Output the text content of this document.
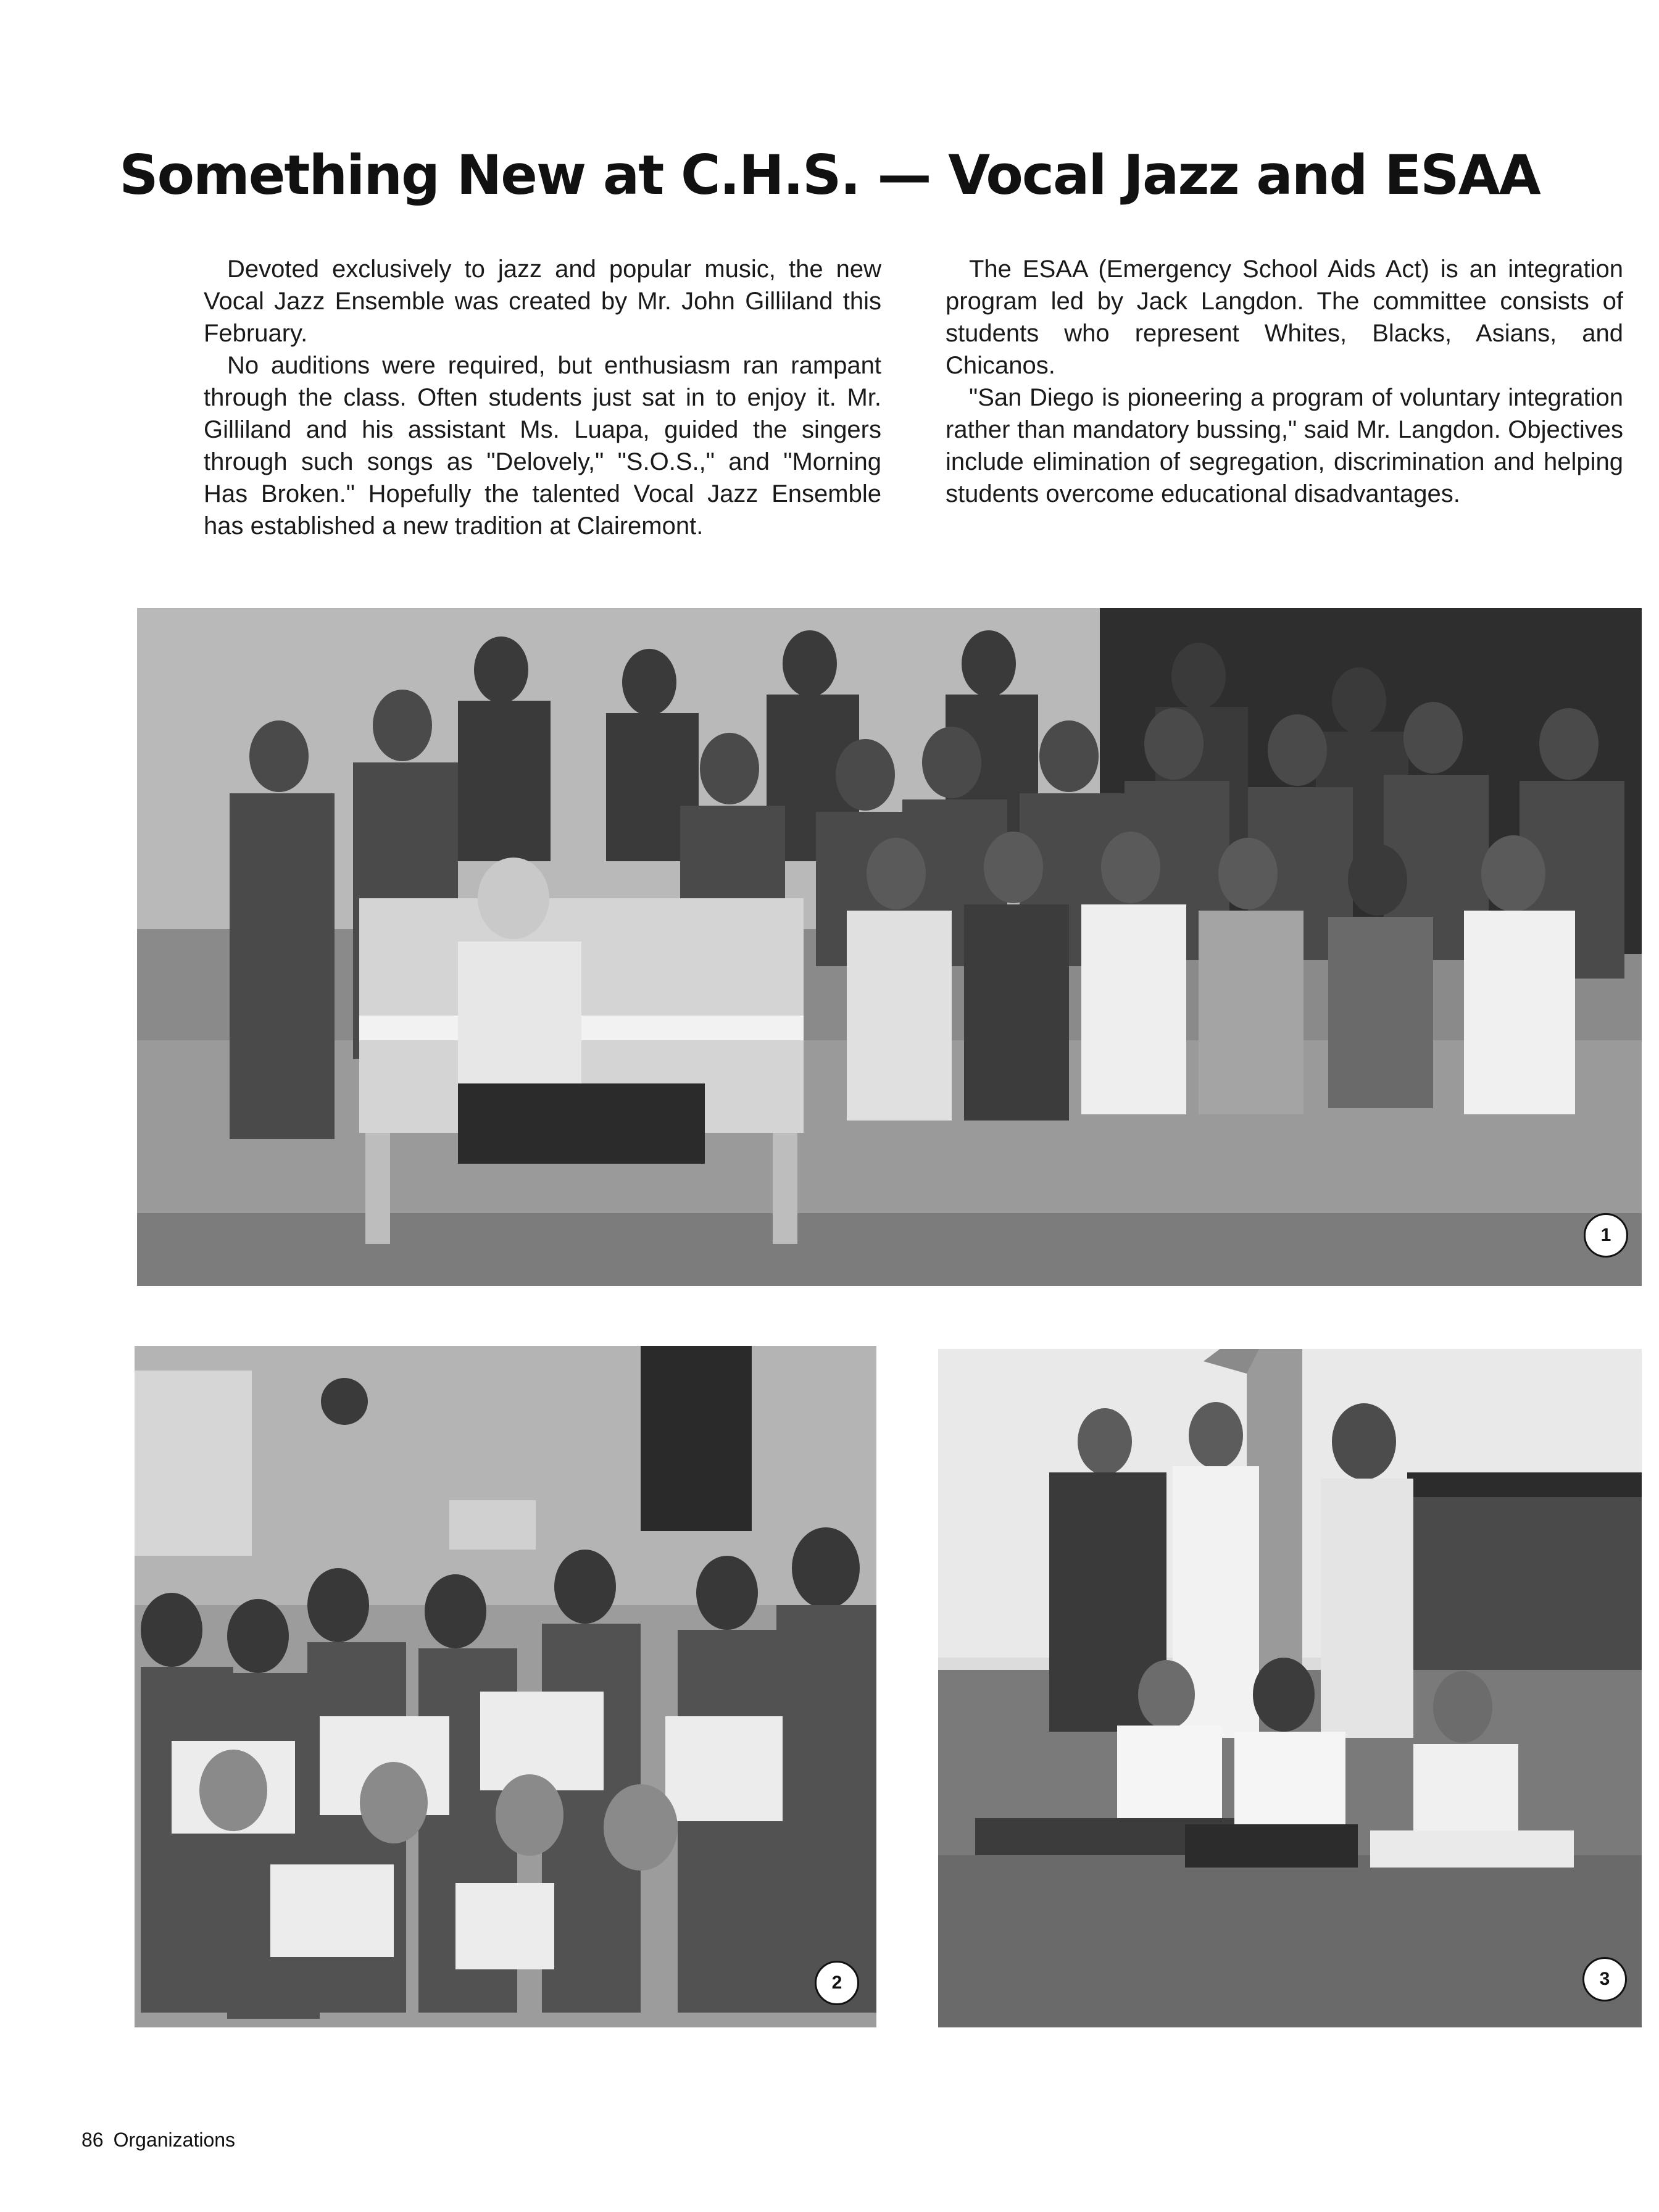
Something New at C.H.S. — Vocal Jazz and ESAA

Devoted exclusively to jazz and popular music, the new Vocal Jazz Ensemble was created by Mr. John Gilliland this February.

No auditions were required, but enthusiasm ran rampant through the class. Often students just sat in to enjoy it. Mr. Gilliland and his assistant Ms. Luapa, guided the singers through such songs as "Delovely," "S.O.S.," and "Morning Has Broken." Hopefully the talented Vocal Jazz Ensemble has established a new tradition at Clairemont.

The ESAA (Emergency School Aids Act) is an integration program led by Jack Langdon. The committee consists of students who represent Whites, Blacks, Asians, and Chicanos.

"San Diego is pioneering a program of voluntary integration rather than mandatory bussing," said Mr. Langdon. Objectives include elimination of segregation, discrimination and helping students overcome educational disadvantages.

1
2	3
86 Organizations
